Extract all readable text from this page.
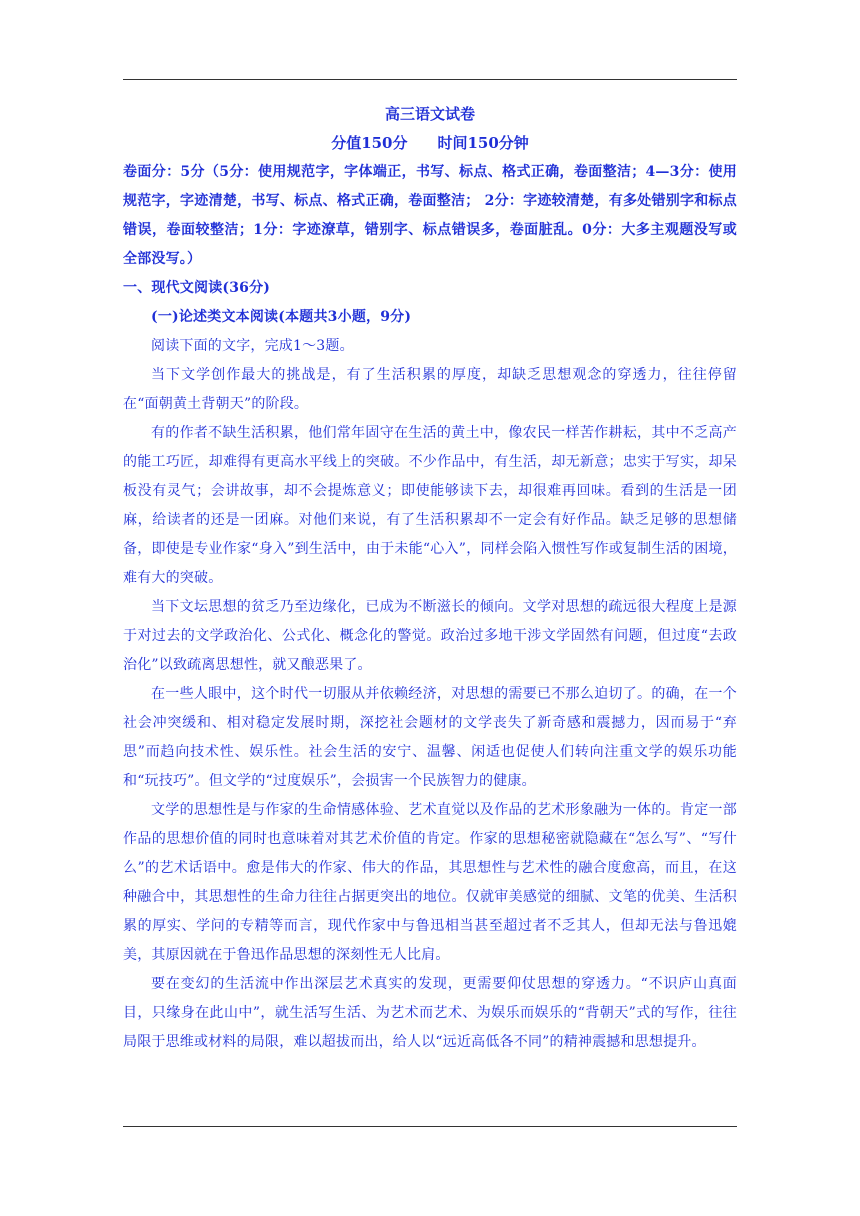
高三语文试卷
分值150分 时间150分钟

卷面分：5分（5分：使用规范字，字体端正，书写、标点、格式正确，卷面整洁；4—3分：使用规范字，字迹清楚，书写、标点、格式正确，卷面整洁； 2分：字迹较清楚，有多处错别字和标点错误，卷面较整洁；1分：字迹潦草，错别字、标点错误多，卷面脏乱。0分：大多主观题没写或全部没写。）

一、现代文阅读(36分)

(一)论述类文本阅读(本题共3小题，9分)

阅读下面的文字，完成1～3题。

当下文学创作最大的挑战是，有了生活积累的厚度，却缺乏思想观念的穿透力，往往停留在“面朝黄土背朝天”的阶段。

有的作者不缺生活积累，他们常年固守在生活的黄土中，像农民一样苦作耕耘，其中不乏高产的能工巧匠，却难得有更高水平线上的突破。不少作品中，有生活，却无新意；忠实于写实，却呆板没有灵气；会讲故事，却不会提炼意义；即使能够读下去，却很难再回味。看到的生活是一团麻，给读者的还是一团麻。对他们来说，有了生活积累却不一定会有好作品。缺乏足够的思想储备，即使是专业作家“身入”到生活中，由于未能“心入”，同样会陷入惯性写作或复制生活的困境，难有大的突破。

当下文坛思想的贫乏乃至边缘化，已成为不断滋长的倾向。文学对思想的疏远很大程度上是源于对过去的文学政治化、公式化、概念化的警觉。政治过多地干涉文学固然有问题，但过度“去政治化”以致疏离思想性，就又酿恶果了。

在一些人眼中，这个时代一切服从并依赖经济，对思想的需要已不那么迫切了。的确，在一个社会冲突缓和、相对稳定发展时期，深挖社会题材的文学丧失了新奇感和震撼力，因而易于“弃思”而趋向技术性、娱乐性。社会生活的安宁、温馨、闲适也促使人们转向注重文学的娱乐功能和“玩技巧”。但文学的“过度娱乐”，会损害一个民族智力的健康。

文学的思想性是与作家的生命情感体验、艺术直觉以及作品的艺术形象融为一体的。肯定一部作品的思想价值的同时也意味着对其艺术价值的肯定。作家的思想秘密就隐藏在“怎么写”、“写什么”的艺术话语中。愈是伟大的作家、伟大的作品，其思想性与艺术性的融合度愈高，而且，在这种融合中，其思想性的生命力往往占据更突出的地位。仅就审美感觉的细腻、文笔的优美、生活积累的厚实、学问的专精等而言，现代作家中与鲁迅相当甚至超过者不乏其人，但却无法与鲁迅媲美，其原因就在于鲁迅作品思想的深刻性无人比肩。

要在变幻的生活流中作出深层艺术真实的发现，更需要仰仗思想的穿透力。“不识庐山真面目，只缘身在此山中”，就生活写生活、为艺术而艺术、为娱乐而娱乐的“背朝天”式的写作，往往局限于思维或材料的局限，难以超拔而出，给人以“远近高低各不同”的精神震撼和思想提升。
